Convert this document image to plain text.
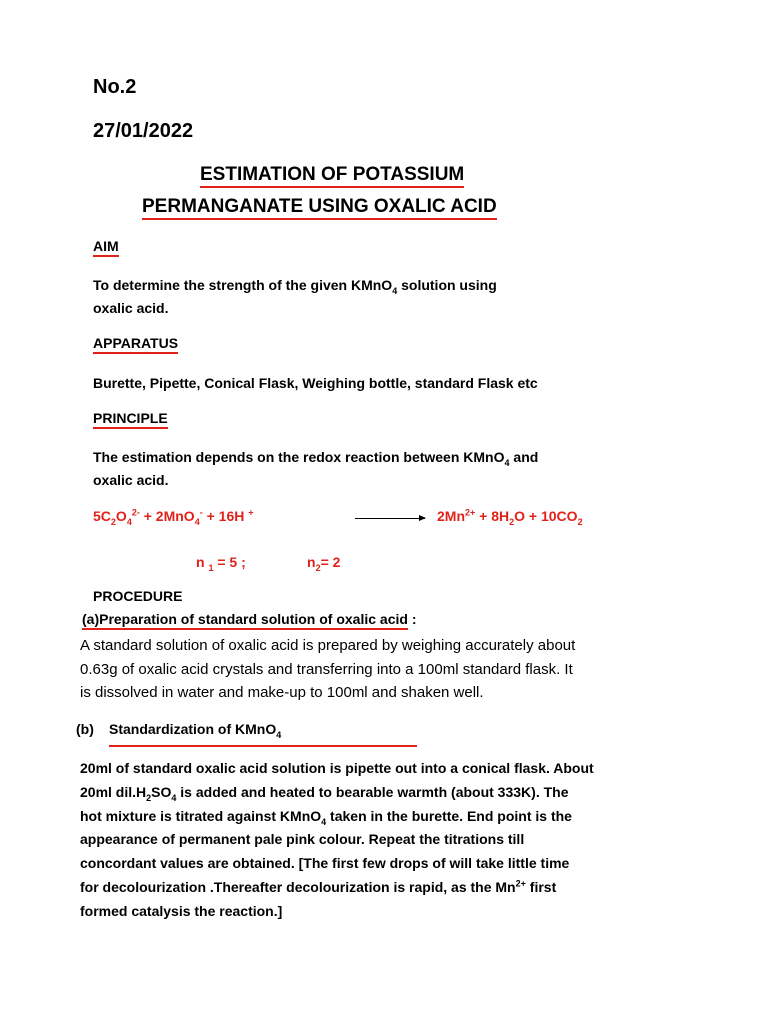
No.2
27/01/2022
ESTIMATION OF POTASSIUM
PERMANGANATE USING OXALIC ACID
AIM
To determine the strength of the given KMnO$_4$ solution using
oxalic acid.
APPARATUS
Burette, Pipette, Conical Flask, Weighing bottle, standard Flask etc
PRINCIPLE
The estimation depends on the redox reaction between KMnO$_4$ and
oxalic acid.
$5C_2O_4^{2-} + 2MnO_4^- + 16H$ +	$2Mn^{2+} + 8H_2O + 10CO_2$
n $_1$ = 5 ;	$n_2= 2$
PROCEDURE
(a)Preparation of standard solution of oxalic acid :
A standard solution of oxalic acid is prepared by weighing accurately about
0.63g of oxalic acid crystals and transferring into a 100ml standard flask. It
is dissolved in water and make-up to 100ml and shaken well.
(b) Standardization of KMnO$_4$
20ml of standard oxalic acid solution is pipette out into a conical flask. About
20ml $dil.H_2SO_4$ is added and heated to bearable warmth (about 333K). The
hot mixture is titrated against KMnO$_4$ taken in the burette. End point is the
appearance of permanent pale pink colour. Repeat the titrations till
concordant values are obtained. [The first few drops of will take little time
for decolourization .Thereafter decolourization is rapid, as the $Mn^{2+}$ first
formed catalysis the reaction.]
